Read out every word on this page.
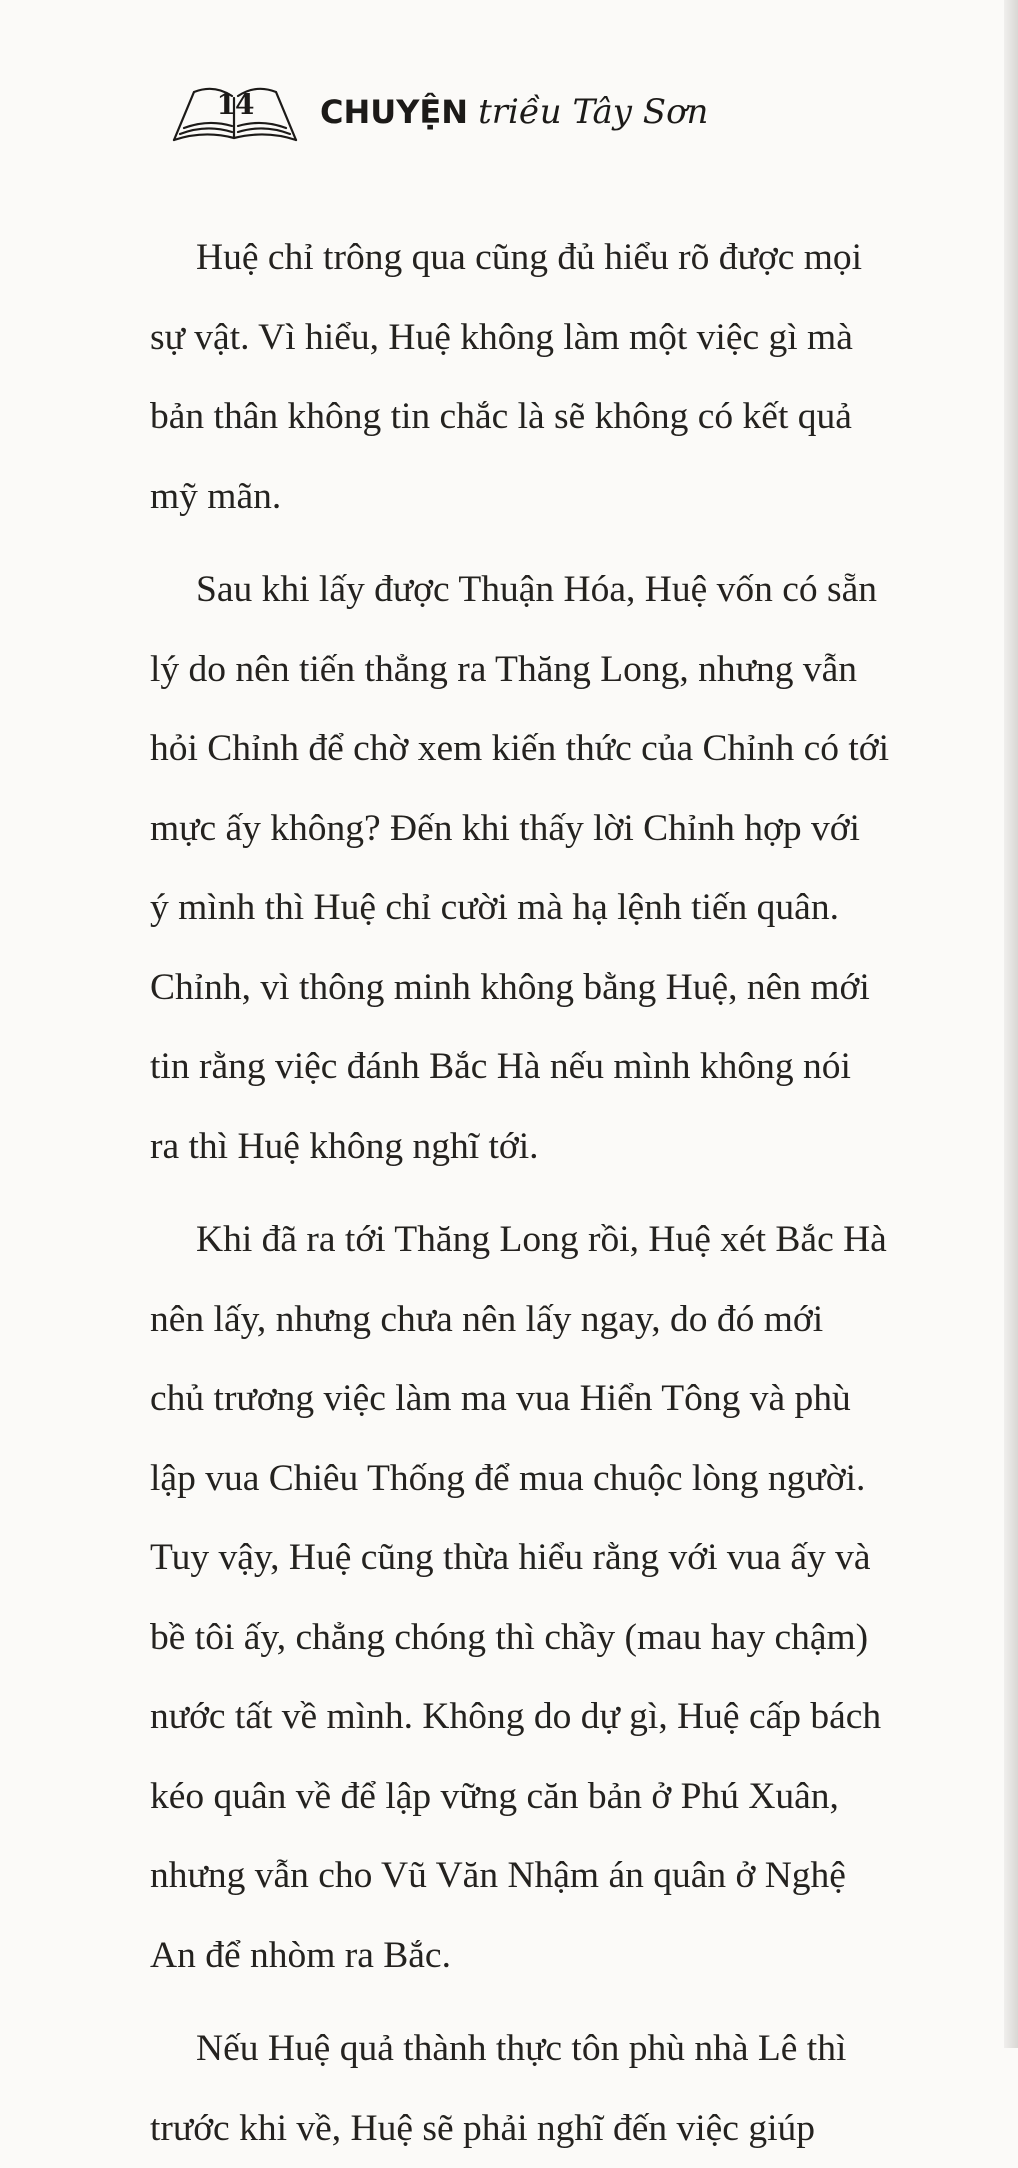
14 CHUYỆN triều Tây Sơn
Huệ chỉ trông qua cũng đủ hiểu rõ được mọi
sự vật. Vì hiểu, Huệ không làm một việc gì mà
bản thân không tin chắc là sẽ không có kết quả
mỹ mãn.
Sau khi lấy được Thuận Hóa, Huệ vốn có sẵn
lý do nên tiến thẳng ra Thăng Long, nhưng vẫn
hỏi Chỉnh để chờ xem kiến thức của Chỉnh có tới
mực ấy không? Đến khi thấy lời Chỉnh hợp với
ý mình thì Huệ chỉ cười mà hạ lệnh tiến quân.
Chỉnh, vì thông minh không bằng Huệ, nên mới
tin rằng việc đánh Bắc Hà nếu mình không nói
ra thì Huệ không nghĩ tới.
Khi đã ra tới Thăng Long rồi, Huệ xét Bắc Hà
nên lấy, nhưng chưa nên lấy ngay, do đó mới
chủ trương việc làm ma vua Hiển Tông và phù
lập vua Chiêu Thống để mua chuộc lòng người.
Tuy vậy, Huệ cũng thừa hiểu rằng với vua ấy và
bề tôi ấy, chẳng chóng thì chầy (mau hay chậm)
nước tất về mình. Không do dự gì, Huệ cấp bách
kéo quân về để lập vững căn bản ở Phú Xuân,
nhưng vẫn cho Vũ Văn Nhậm án quân ở Nghệ
An để nhòm ra Bắc.
Nếu Huệ quả thành thực tôn phù nhà Lê thì
trước khi về, Huệ sẽ phải nghĩ đến việc giúp
